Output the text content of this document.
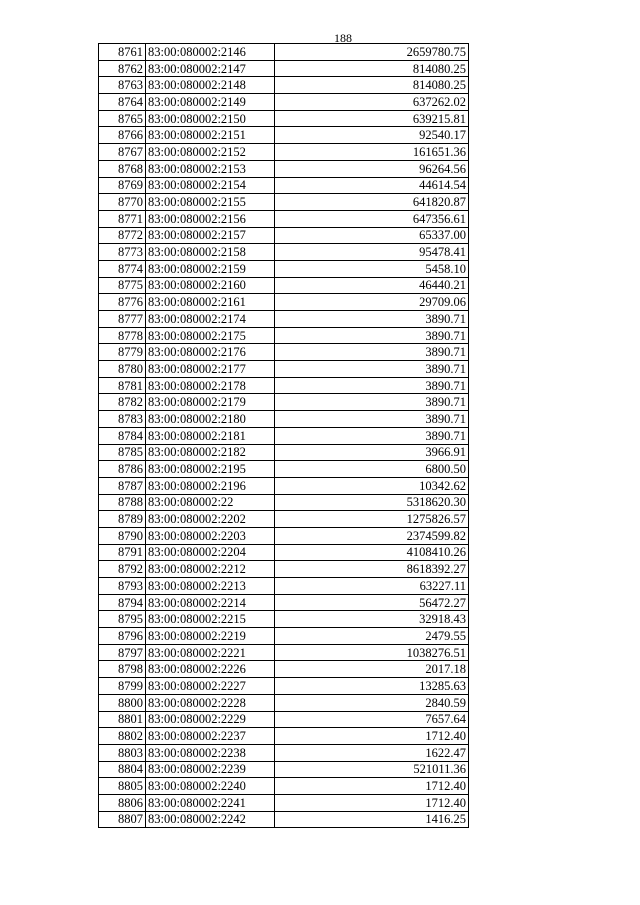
188
8761	83:00:080002:2146	2659780.75
8762	83:00:080002:2147	814080.25
8763	83:00:080002:2148	814080.25
8764	83:00:080002:2149	637262.02
8765	83:00:080002:2150	639215.81
8766	83:00:080002:2151	92540.17
8767	83:00:080002:2152	161651.36
8768	83:00:080002:2153	96264.56
8769	83:00:080002:2154	44614.54
8770	83:00:080002:2155	641820.87
8771	83:00:080002:2156	647356.61
8772	83:00:080002:2157	65337.00
8773	83:00:080002:2158	95478.41
8774	83:00:080002:2159	5458.10
8775	83:00:080002:2160	46440.21
8776	83:00:080002:2161	29709.06
8777	83:00:080002:2174	3890.71
8778	83:00:080002:2175	3890.71
8779	83:00:080002:2176	3890.71
8780	83:00:080002:2177	3890.71
8781	83:00:080002:2178	3890.71
8782	83:00:080002:2179	3890.71
8783	83:00:080002:2180	3890.71
8784	83:00:080002:2181	3890.71
8785	83:00:080002:2182	3966.91
8786	83:00:080002:2195	6800.50
8787	83:00:080002:2196	10342.62
8788	83:00:080002:22	5318620.30
8789	83:00:080002:2202	1275826.57
8790	83:00:080002:2203	2374599.82
8791	83:00:080002:2204	4108410.26
8792	83:00:080002:2212	8618392.27
8793	83:00:080002:2213	63227.11
8794	83:00:080002:2214	56472.27
8795	83:00:080002:2215	32918.43
8796	83:00:080002:2219	2479.55
8797	83:00:080002:2221	1038276.51
8798	83:00:080002:2226	2017.18
8799	83:00:080002:2227	13285.63
8800	83:00:080002:2228	2840.59
8801	83:00:080002:2229	7657.64
8802	83:00:080002:2237	1712.40
8803	83:00:080002:2238	1622.47
8804	83:00:080002:2239	521011.36
8805	83:00:080002:2240	1712.40
8806	83:00:080002:2241	1712.40
8807	83:00:080002:2242	1416.25
